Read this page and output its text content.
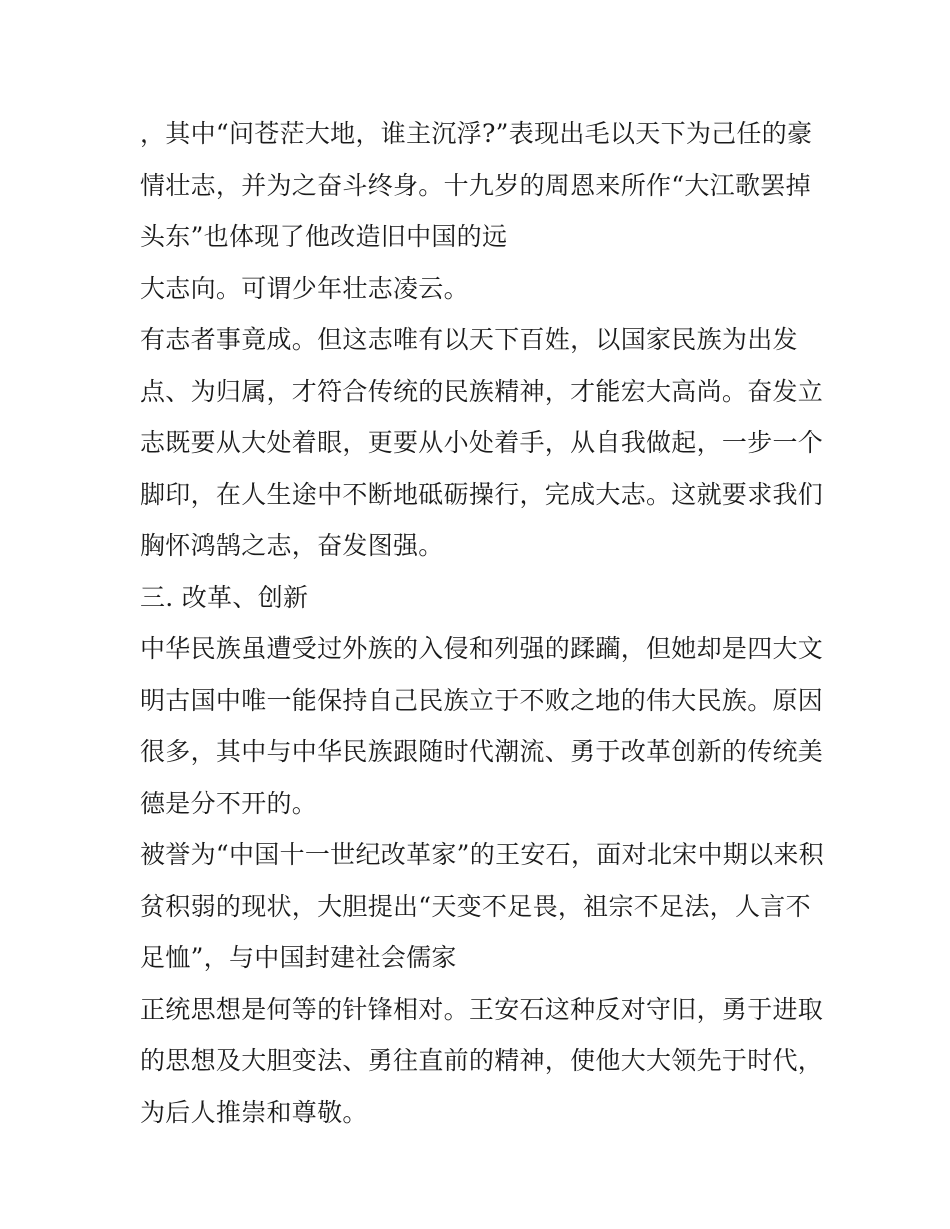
，其中“问苍茫大地，谁主沉浮?”表现出毛以天下为己任的豪
情壮志，并为之奋斗终身。十九岁的周恩来所作“大江歌罢掉
头东”也体现了他改造旧中国的远
大志向。可谓少年壮志凌云。
有志者事竟成。但这志唯有以天下百姓，以国家民族为出发
点、为归属，才符合传统的民族精神，才能宏大高尚。奋发立
志既要从大处着眼，更要从小处着手，从自我做起，一步一个
脚印，在人生途中不断地砥砺操行，完成大志。这就要求我们
胸怀鸿鹄之志，奋发图强。
三. 改革、创新
中华民族虽遭受过外族的入侵和列强的蹂躏，但她却是四大文
明古国中唯一能保持自己民族立于不败之地的伟大民族。原因
很多，其中与中华民族跟随时代潮流、勇于改革创新的传统美
德是分不开的。
被誉为“中国十一世纪改革家”的王安石，面对北宋中期以来积
贫积弱的现状，大胆提出“天变不足畏，祖宗不足法，人言不
足恤”，与中国封建社会儒家
正统思想是何等的针锋相对。王安石这种反对守旧，勇于进取
的思想及大胆变法、勇往直前的精神，使他大大领先于时代，
为后人推崇和尊敬。
